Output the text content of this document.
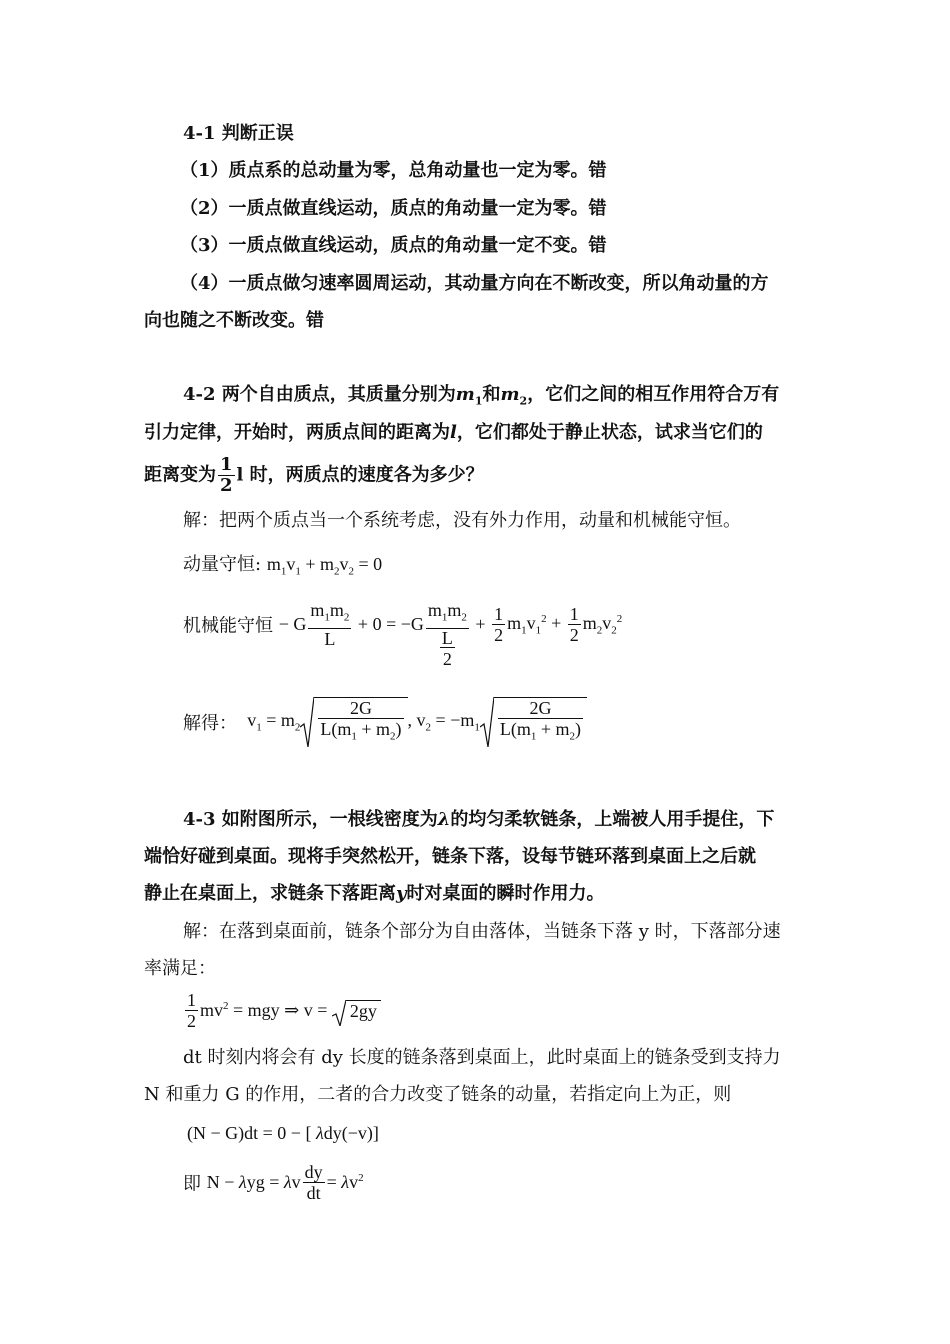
4-1 判断正误
（1）质点系的总动量为零，总角动量也一定为零。错
（2）一质点做直线运动，质点的角动量一定为零。错
（3）一质点做直线运动，质点的角动量一定不变。错
（4）一质点做匀速率圆周运动，其动量方向在不断改变，所以角动量的方
向也随之不断改变。错
4-2 两个自由质点，其质量分别为$m_1$和$m_2$，它们之间的相互作用符合万有
引力定律，开始时，两质点间的距离为l，它们都处于静止状态，试求当它们的
距离变为 $\frac{1}{2}$ l 时，两质点的速度各为多少？
解：把两个质点当一个系统考虑，没有外力作用，动量和机械能守恒。
动量守恒: $m_1v_1 + m_2v_2 = 0$
机械能守恒 − G $\frac{m_1m_2}{L} + 0 = -G \frac{m_1m_2}{\frac{L}{2}} + \frac{1}{2} m_1v_1^2 + \frac{1}{2} m_2v_2^2$
解得：  $v_1 = m_2 \frac{2G}{L(m_1 + m_2)}$ , $v_2 = -m_1 \frac{2G}{L(m_1 + m_2)}$
4-3 如附图所示，一根线密度为λ的均匀柔软链条，上端被人用手提住，下
端恰好碰到桌面。现将手突然松开，链条下落，设每节链环落到桌面上之后就
静止在桌面上，求链条下落距离y时对桌面的瞬时作用力。
解：在落到桌面前，链条个部分为自由落体，当链条下落 y 时，下落部分速
率满足：
$\frac{1}{2} mv^2$ = mgy ⇒ v =
2gy
dt 时刻内将会有 dy 长度的链条落到桌面上，此时桌面上的链条受到支持力
N 和重力 G 的作用，二者的合力改变了链条的动量，若指定向上为正，则
(N − G)dt = 0 − [ λdy(−v)]
即 N − λyg = λv $\frac{dy}{dt} = \lambda v^2$
